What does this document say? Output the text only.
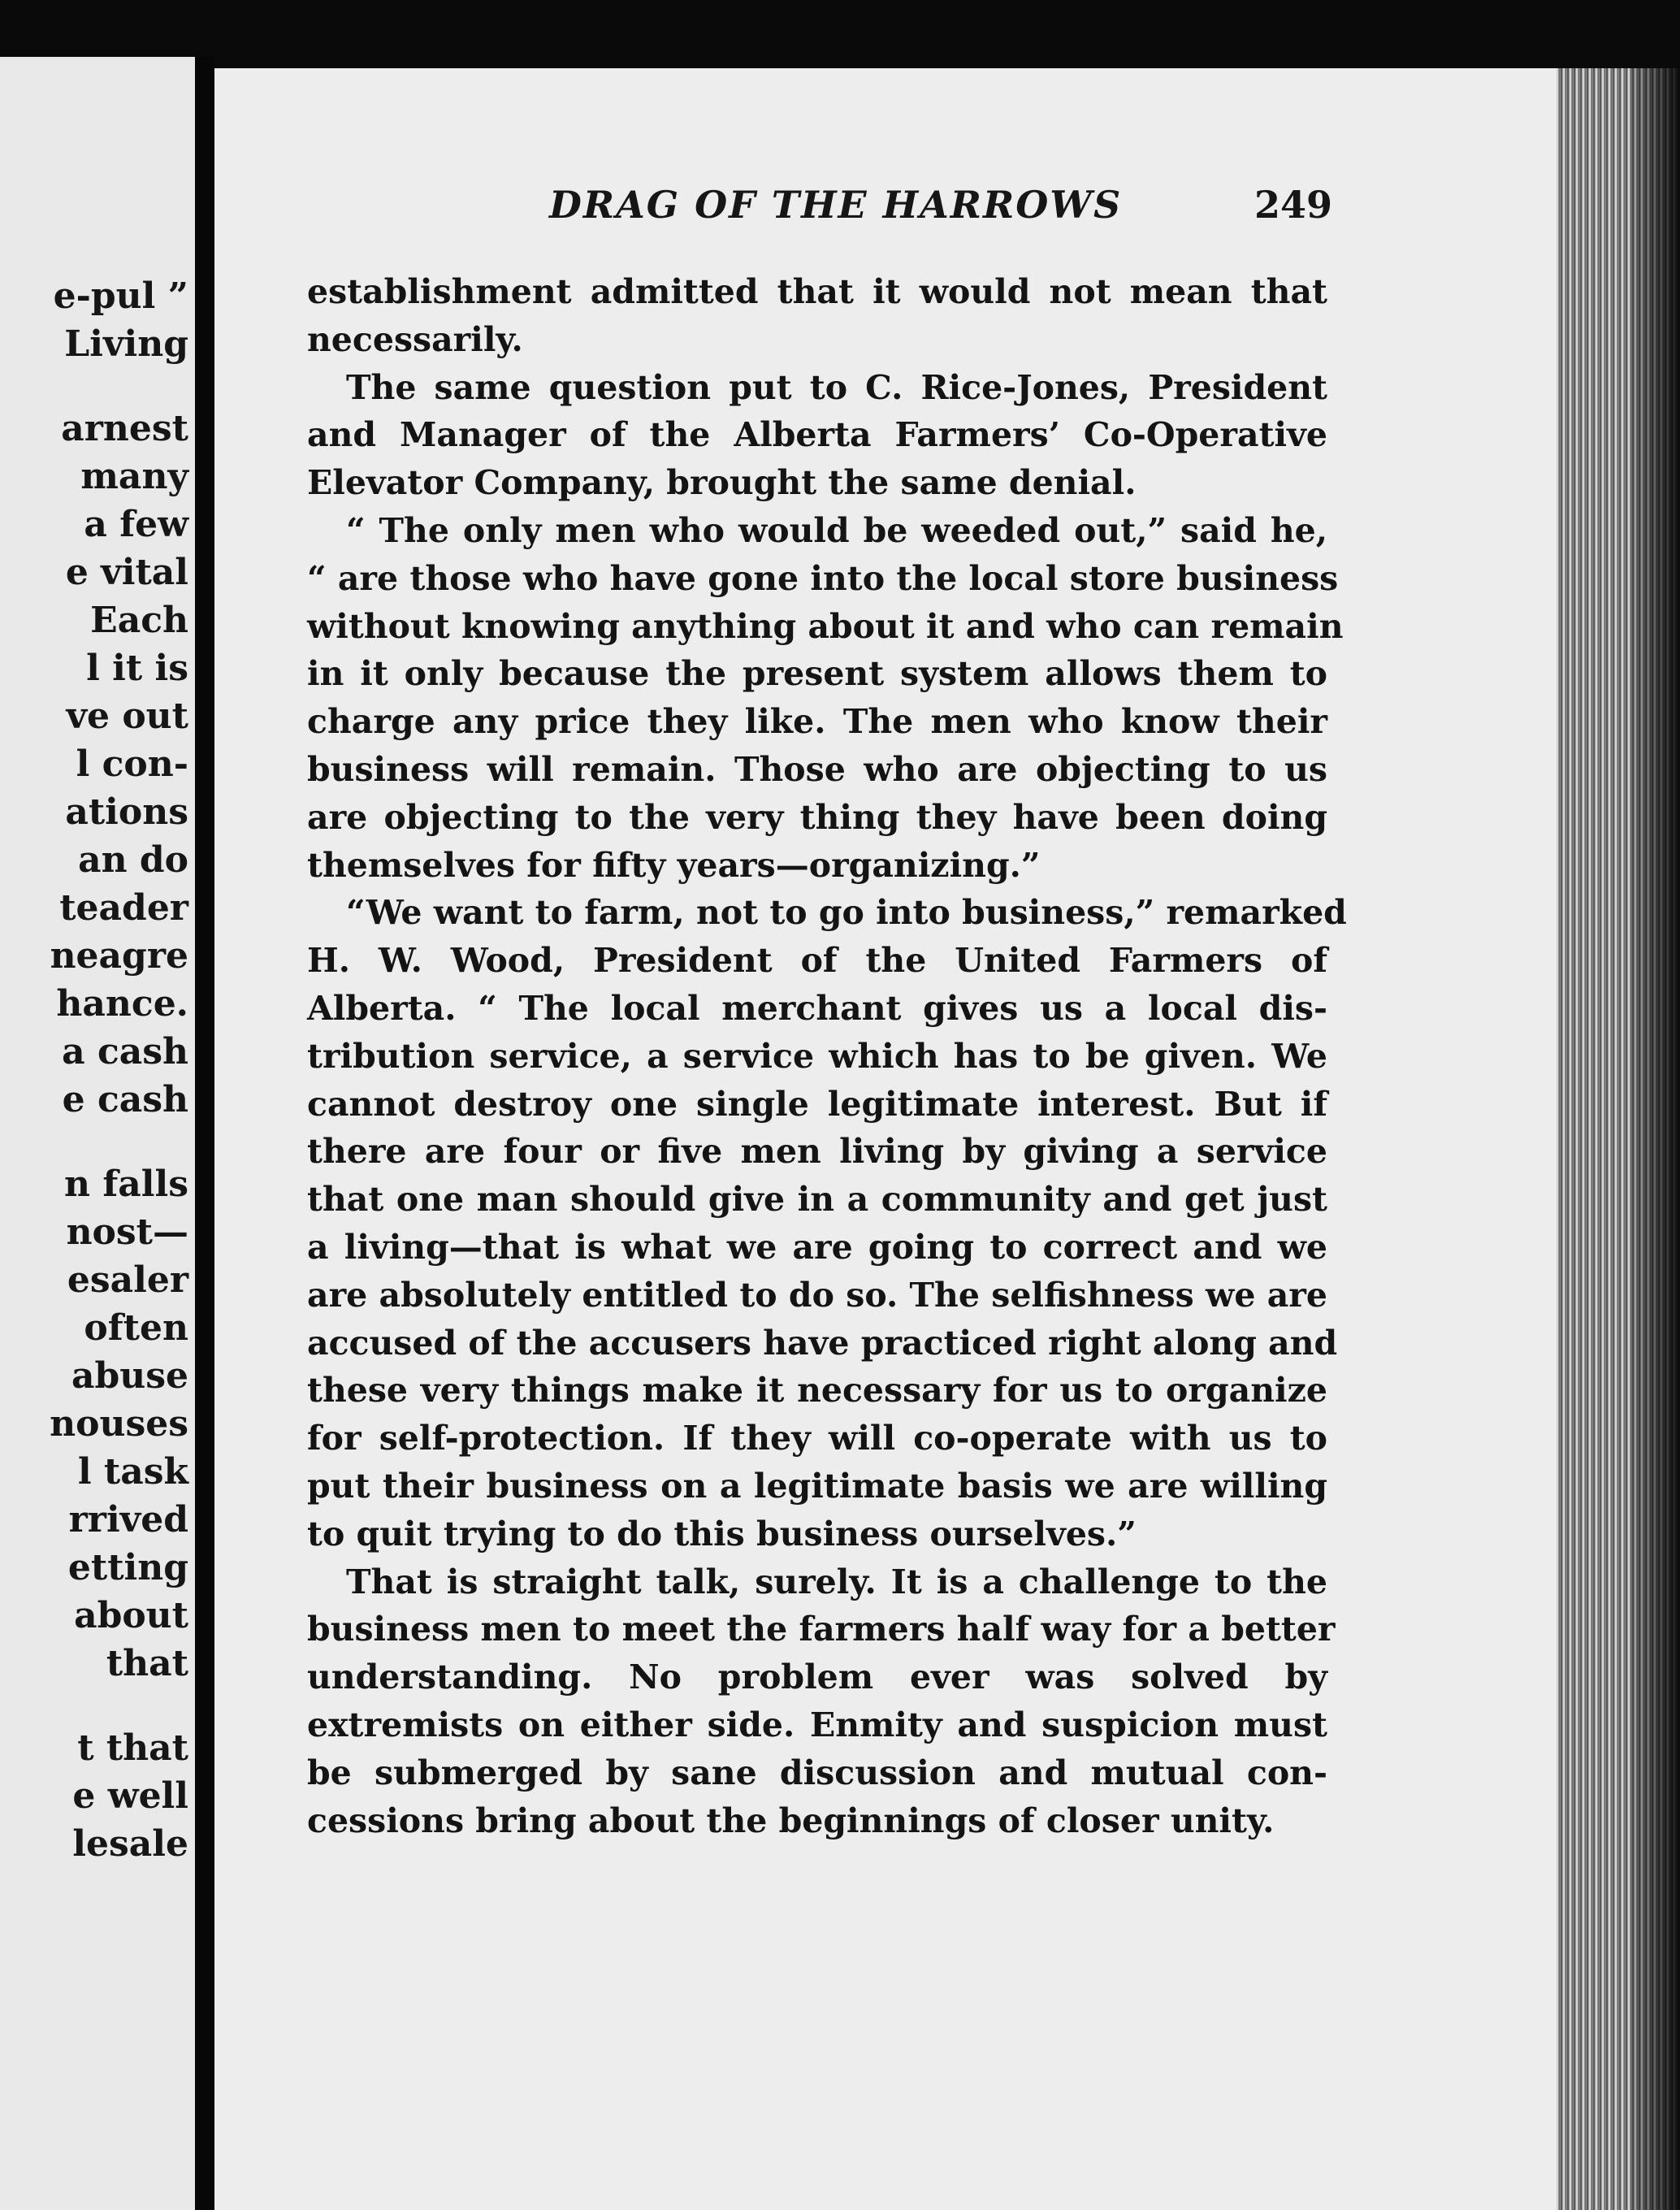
e-pul ”
Living
arnest
many
a few
e vital
Each
l it is
ve out
l con-
ations
an do
teader
neagre
hance.
a cash
e cash
n falls
nost—
esaler
often
abuse
nouses
l task
rrived
etting
about
that
t that
e well
lesale
DRAG OF THE HARROWS	249
establishment admitted that it would not mean that
necessarily.
The same question put to C. Rice-Jones, President
and Manager of the Alberta Farmers’ Co-Operative
Elevator Company, brought the same denial.
“ The only men who would be weeded out,” said he,
“ are those who have gone into the local store business
without knowing anything about it and who can remain
in it only because the present system allows them to
charge any price they like. The men who know their
business will remain. Those who are objecting to us
are objecting to the very thing they have been doing
themselves for fifty years—organizing.”
“We want to farm, not to go into business,” remarked
H. W. Wood, President of the United Farmers of
Alberta. “ The local merchant gives us a local dis-
tribution service, a service which has to be given. We
cannot destroy one single legitimate interest. But if
there are four or five men living by giving a service
that one man should give in a community and get just
a living—that is what we are going to correct and we
are absolutely entitled to do so. The selfishness we are
accused of the accusers have practiced right along and
these very things make it necessary for us to organize
for self-protection. If they will co-operate with us to
put their business on a legitimate basis we are willing
to quit trying to do this business ourselves.”
That is straight talk, surely. It is a challenge to the
business men to meet the farmers half way for a better
understanding. No problem ever was solved by
extremists on either side. Enmity and suspicion must
be submerged by sane discussion and mutual con-
cessions bring about the beginnings of closer unity.
